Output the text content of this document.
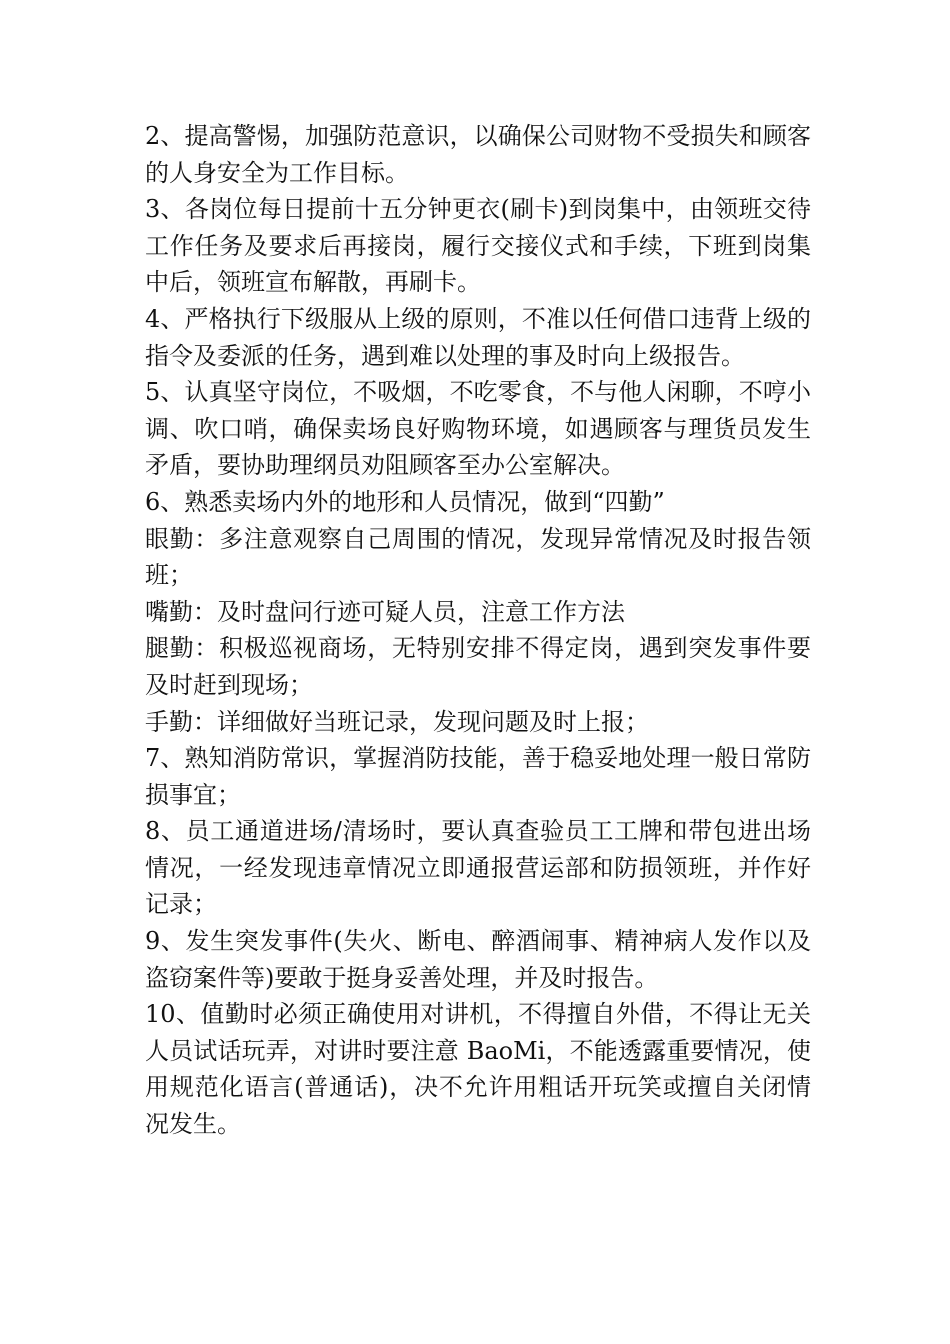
2、提高警惕，加强防范意识，以确保公司财物不受损失和顾客的人身安全为工作目标。

3、各岗位每日提前十五分钟更衣(刷卡)到岗集中，由领班交待工作任务及要求后再接岗，履行交接仪式和手续，下班到岗集中后，领班宣布解散，再刷卡。

4、严格执行下级服从上级的原则，不准以任何借口违背上级的指令及委派的任务，遇到难以处理的事及时向上级报告。

5、认真坚守岗位，不吸烟，不吃零食，不与他人闲聊，不哼小调、吹口哨，确保卖场良好购物环境，如遇顾客与理货员发生矛盾，要协助理纲员劝阻顾客至办公室解决。

6、熟悉卖场内外的地形和人员情况，做到“四勤”

眼勤：多注意观察自己周围的情况，发现异常情况及时报告领班；

嘴勤：及时盘问行迹可疑人员，注意工作方法

腿勤：积极巡视商场，无特别安排不得定岗，遇到突发事件要及时赶到现场；

手勤：详细做好当班记录，发现问题及时上报；

7、熟知消防常识，掌握消防技能，善于稳妥地处理一般日常防损事宜；

8、员工通道进场/清场时，要认真查验员工工牌和带包进出场情况，一经发现违章情况立即通报营运部和防损领班，并作好记录；

9、发生突发事件(失火、断电、醉酒闹事、精神病人发作以及盗窃案件等)要敢于挺身妥善处理，并及时报告。

10、值勤时必须正确使用对讲机，不得擅自外借，不得让无关人员试话玩弄，对讲时要注意 BaoMi，不能透露重要情况，使用规范化语言(普通话)，决不允许用粗话开玩笑或擅自关闭情况发生。
